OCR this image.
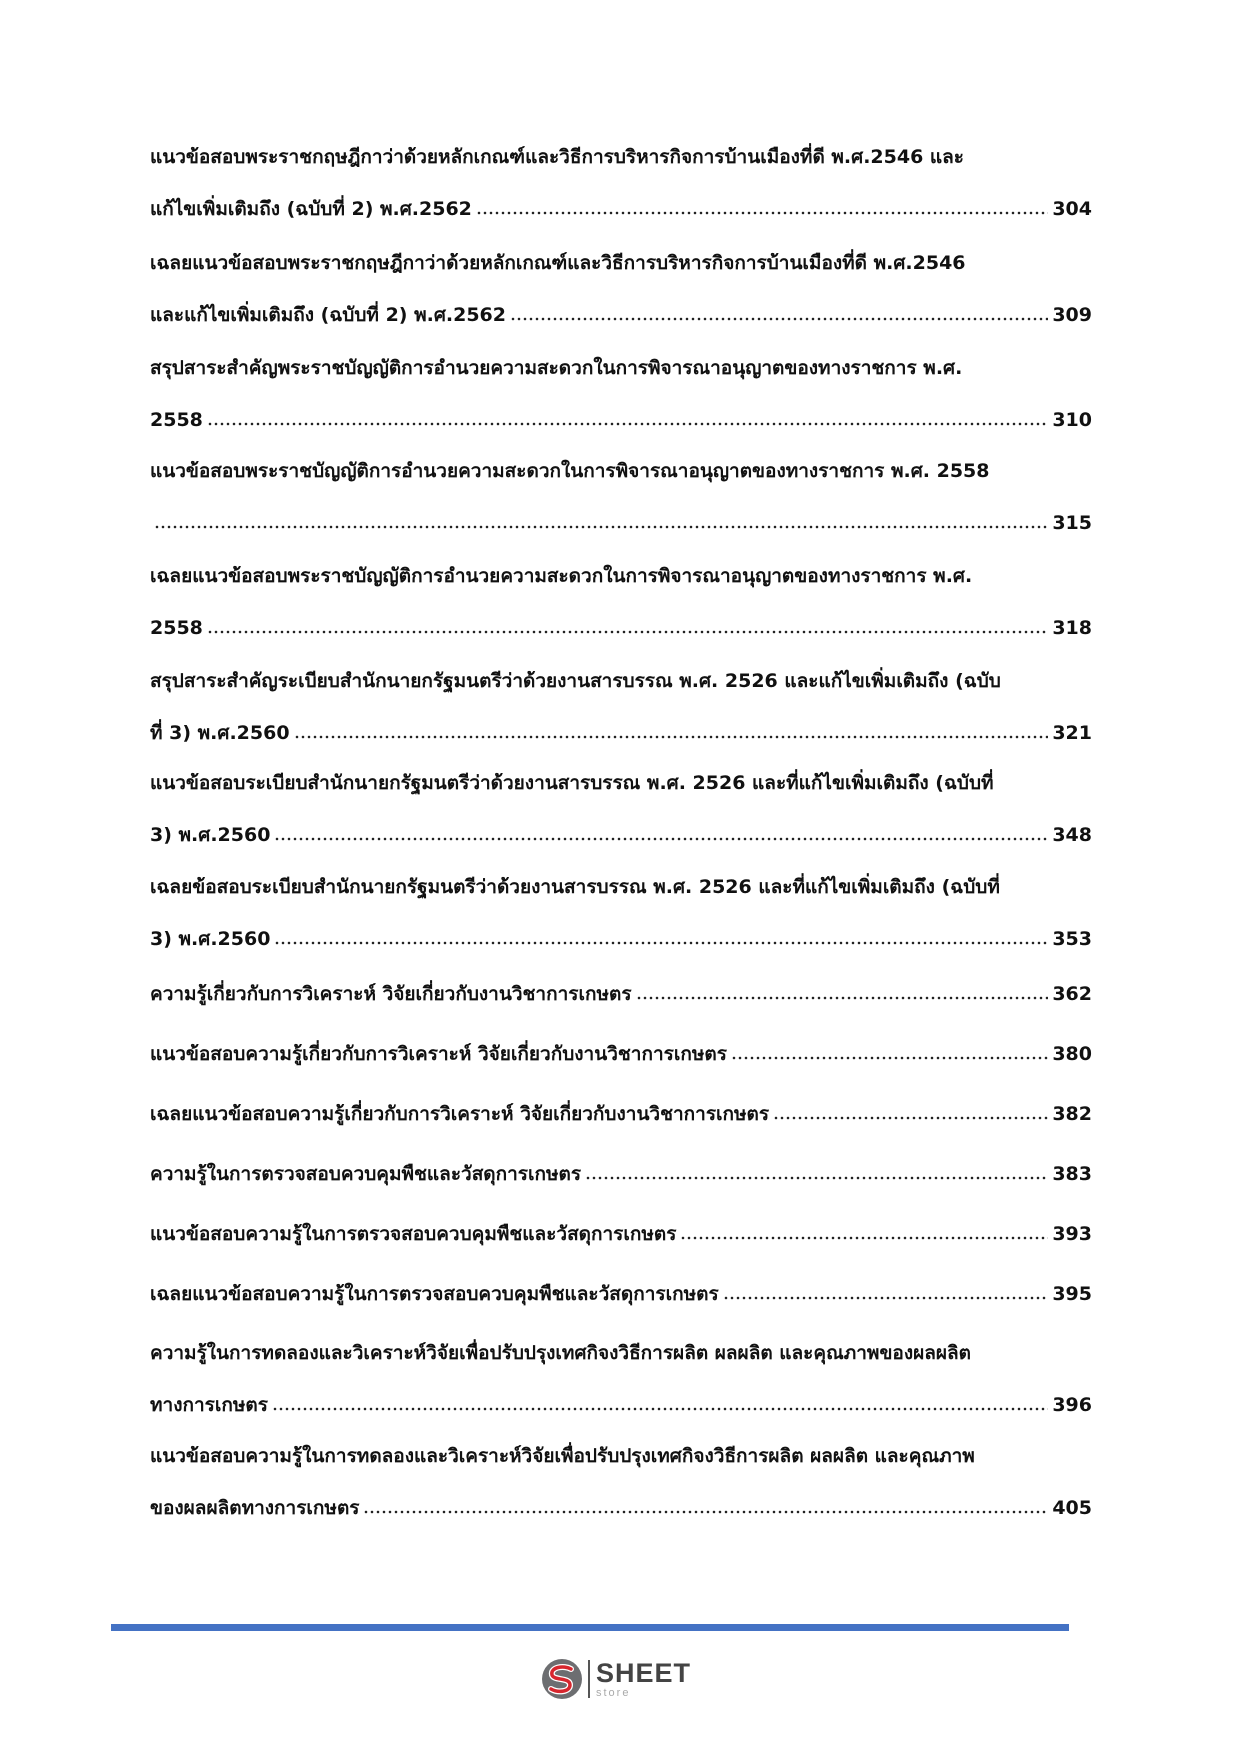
แนวข้อสอบพระราชกฤษฎีกาว่าด้วยหลักเกณฑ์และวิธีการบริหารกิจการบ้านเมืองที่ดี พ.ศ.2546 และ
แก้ไขเพิ่มเติมถึง (ฉบับที่ 2) พ.ศ.2562	304
เฉลยแนวข้อสอบพระราชกฤษฎีกาว่าด้วยหลักเกณฑ์และวิธีการบริหารกิจการบ้านเมืองที่ดี พ.ศ.2546
และแก้ไขเพิ่มเติมถึง (ฉบับที่ 2) พ.ศ.2562	309
สรุปสาระสำคัญพระราชบัญญัติการอำนวยความสะดวกในการพิจารณาอนุญาตของทางราชการ พ.ศ.
2558	310
แนวข้อสอบพระราชบัญญัติการอำนวยความสะดวกในการพิจารณาอนุญาตของทางราชการ พ.ศ. 2558
315
เฉลยแนวข้อสอบพระราชบัญญัติการอำนวยความสะดวกในการพิจารณาอนุญาตของทางราชการ พ.ศ.
2558	318
สรุปสาระสำคัญระเบียบสำนักนายกรัฐมนตรีว่าด้วยงานสารบรรณ พ.ศ. 2526 และแก้ไขเพิ่มเติมถึง (ฉบับ
ที่ 3) พ.ศ.2560	321
แนวข้อสอบระเบียบสำนักนายกรัฐมนตรีว่าด้วยงานสารบรรณ พ.ศ. 2526 และที่แก้ไขเพิ่มเติมถึง (ฉบับที่
3) พ.ศ.2560	348
เฉลยข้อสอบระเบียบสำนักนายกรัฐมนตรีว่าด้วยงานสารบรรณ พ.ศ. 2526 และที่แก้ไขเพิ่มเติมถึง (ฉบับที่
3) พ.ศ.2560	353
ความรู้เกี่ยวกับการวิเคราะห์ วิจัยเกี่ยวกับงานวิชาการเกษตร	362
แนวข้อสอบความรู้เกี่ยวกับการวิเคราะห์ วิจัยเกี่ยวกับงานวิชาการเกษตร	380
เฉลยแนวข้อสอบความรู้เกี่ยวกับการวิเคราะห์ วิจัยเกี่ยวกับงานวิชาการเกษตร	382
ความรู้ในการตรวจสอบควบคุมพืชและวัสดุการเกษตร	383
แนวข้อสอบความรู้ในการตรวจสอบควบคุมพืชและวัสดุการเกษตร	393
เฉลยแนวข้อสอบความรู้ในการตรวจสอบควบคุมพืชและวัสดุการเกษตร	395
ความรู้ในการทดลองและวิเคราะห์วิจัยเพื่อปรับปรุงเทศกิจงวิธีการผลิต ผลผลิต และคุณภาพของผลผลิต
ทางการเกษตร	396
แนวข้อสอบความรู้ในการทดลองและวิเคราะห์วิจัยเพื่อปรับปรุงเทศกิจงวิธีการผลิต ผลผลิต และคุณภาพ
ของผลผลิตทางการเกษตร	405
SHEET
store
